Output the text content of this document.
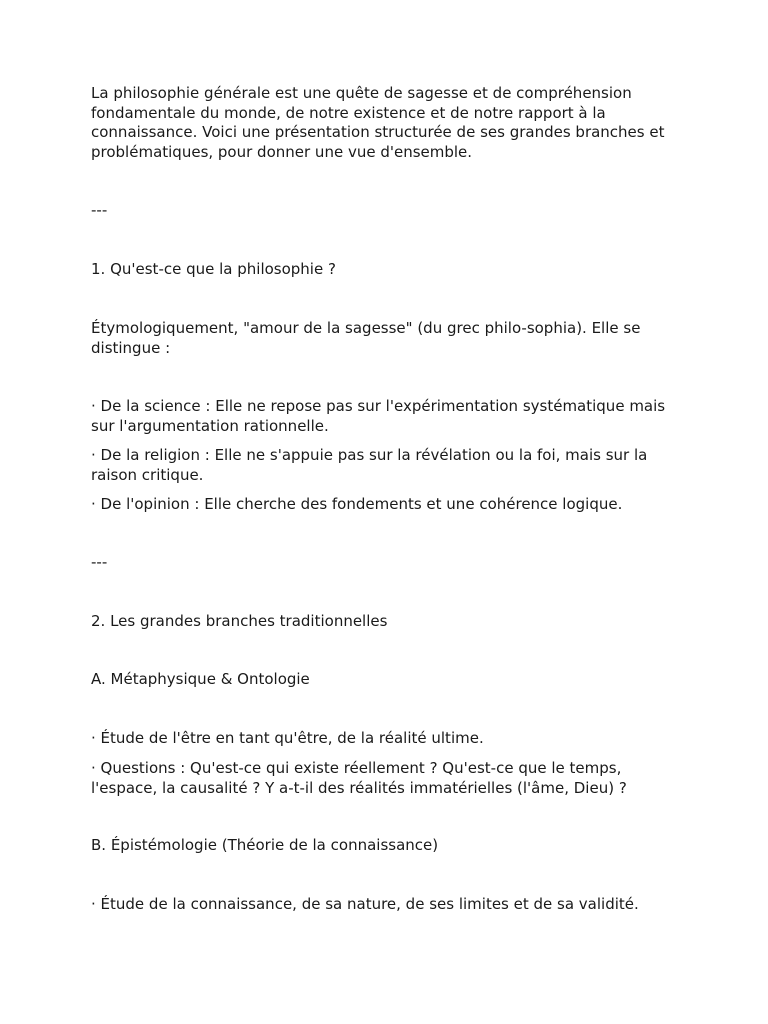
La philosophie générale est une quête de sagesse et de compréhension fondamentale du monde, de notre existence et de notre rapport à la connaissance. Voici une présentation structurée de ses grandes branches et problématiques, pour donner une vue d'ensemble.

---

1. Qu'est-ce que la philosophie ?

Étymologiquement, "amour de la sagesse" (du grec philo-sophia). Elle se distingue :

· De la science : Elle ne repose pas sur l'expérimentation systématique mais sur l'argumentation rationnelle.

· De la religion : Elle ne s'appuie pas sur la révélation ou la foi, mais sur la raison critique.

· De l'opinion : Elle cherche des fondements et une cohérence logique.

---

2. Les grandes branches traditionnelles

A. Métaphysique & Ontologie

· Étude de l'être en tant qu'être, de la réalité ultime.

· Questions : Qu'est-ce qui existe réellement ? Qu'est-ce que le temps, l'espace, la causalité ? Y a-t-il des réalités immatérielles (l'âme, Dieu) ?

B. Épistémologie (Théorie de la connaissance)

· Étude de la connaissance, de sa nature, de ses limites et de sa validité.
